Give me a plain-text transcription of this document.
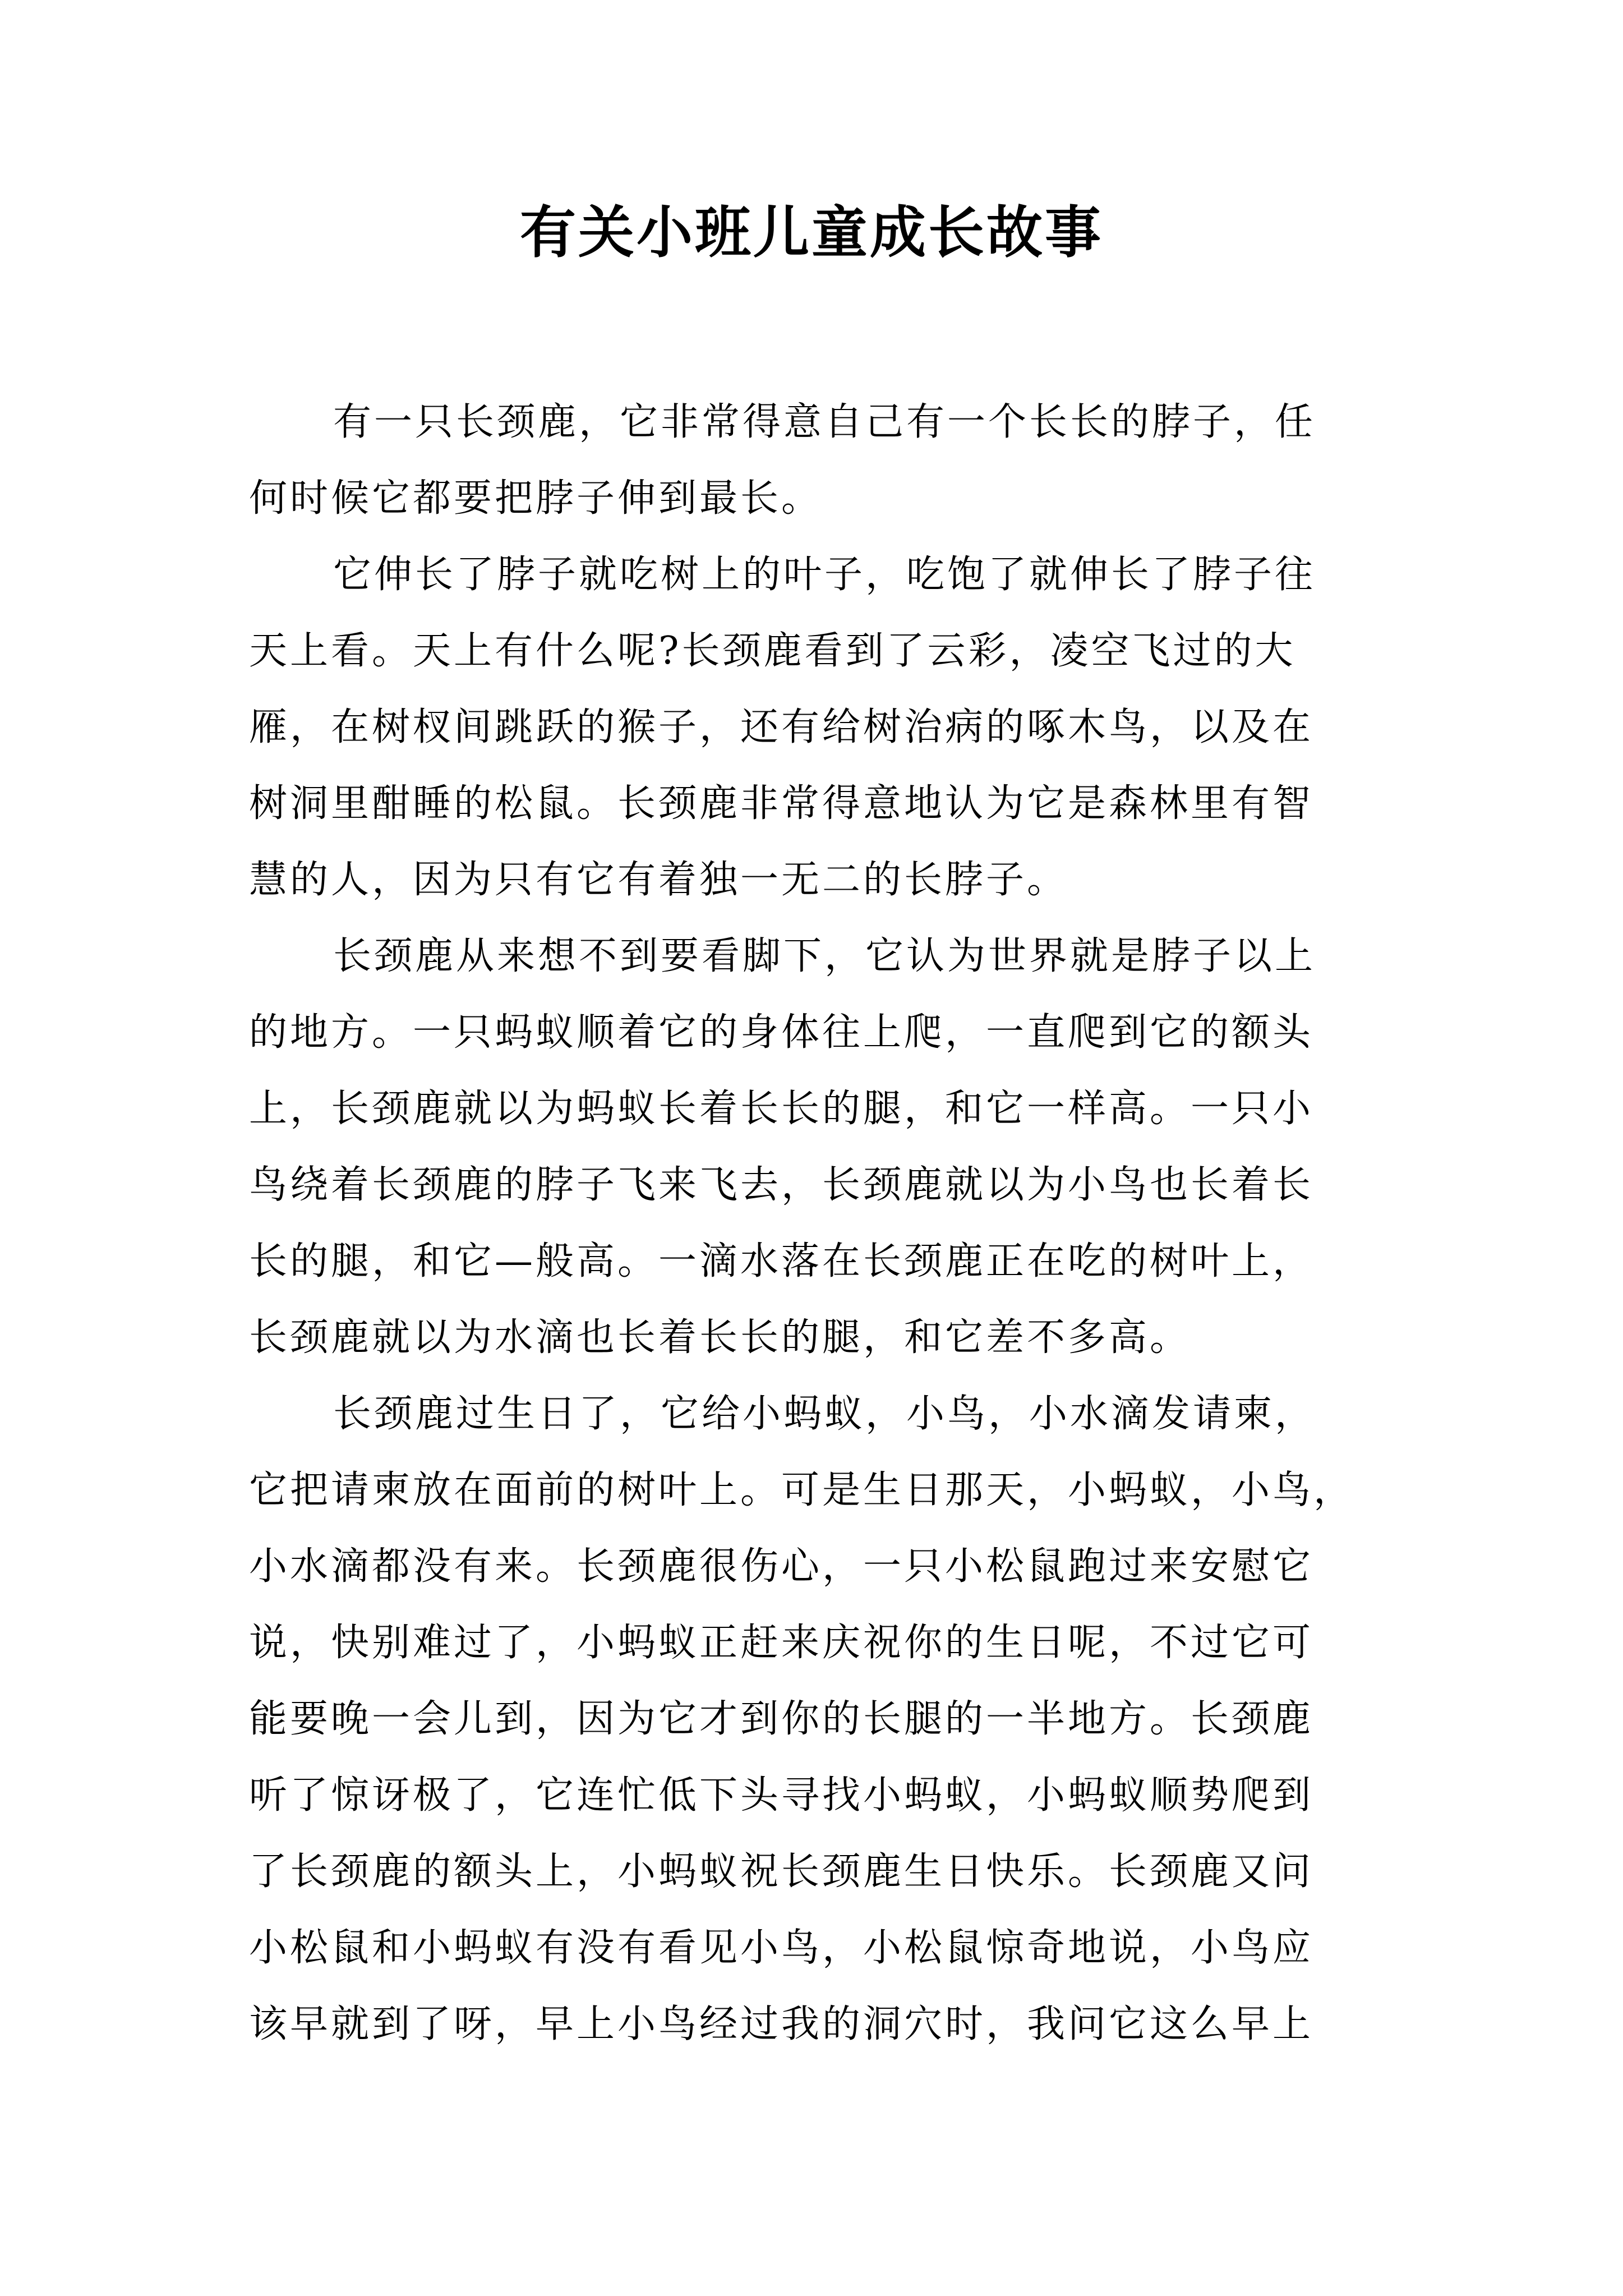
有关小班儿童成长故事

有一只长颈鹿，它非常得意自己有一个长长的脖子，任
何时候它都要把脖子伸到最长。

它伸长了脖子就吃树上的叶子，吃饱了就伸长了脖子往
天上看。天上有什么呢?长颈鹿看到了云彩，凌空飞过的大
雁，在树杈间跳跃的猴子，还有给树治病的啄木鸟，以及在
树洞里酣睡的松鼠。长颈鹿非常得意地认为它是森林里有智
慧的人，因为只有它有着独一无二的长脖子。

长颈鹿从来想不到要看脚下，它认为世界就是脖子以上
的地方。一只蚂蚁顺着它的身体往上爬，一直爬到它的额头
上，长颈鹿就以为蚂蚁长着长长的腿，和它一样高。一只小
鸟绕着长颈鹿的脖子飞来飞去，长颈鹿就以为小鸟也长着长
长的腿，和它—般高。一滴水落在长颈鹿正在吃的树叶上，
长颈鹿就以为水滴也长着长长的腿，和它差不多高。

长颈鹿过生日了，它给小蚂蚁，小鸟，小水滴发请柬，
它把请柬放在面前的树叶上。可是生日那天，小蚂蚁，小鸟，
小水滴都没有来。长颈鹿很伤心，一只小松鼠跑过来安慰它
说，快别难过了，小蚂蚁正赶来庆祝你的生日呢，不过它可
能要晚一会儿到，因为它才到你的长腿的一半地方。长颈鹿
听了惊讶极了，它连忙低下头寻找小蚂蚁，小蚂蚁顺势爬到
了长颈鹿的额头上，小蚂蚁祝长颈鹿生日快乐。长颈鹿又问
小松鼠和小蚂蚁有没有看见小鸟，小松鼠惊奇地说，小鸟应
该早就到了呀，早上小鸟经过我的洞穴时，我问它这么早上
